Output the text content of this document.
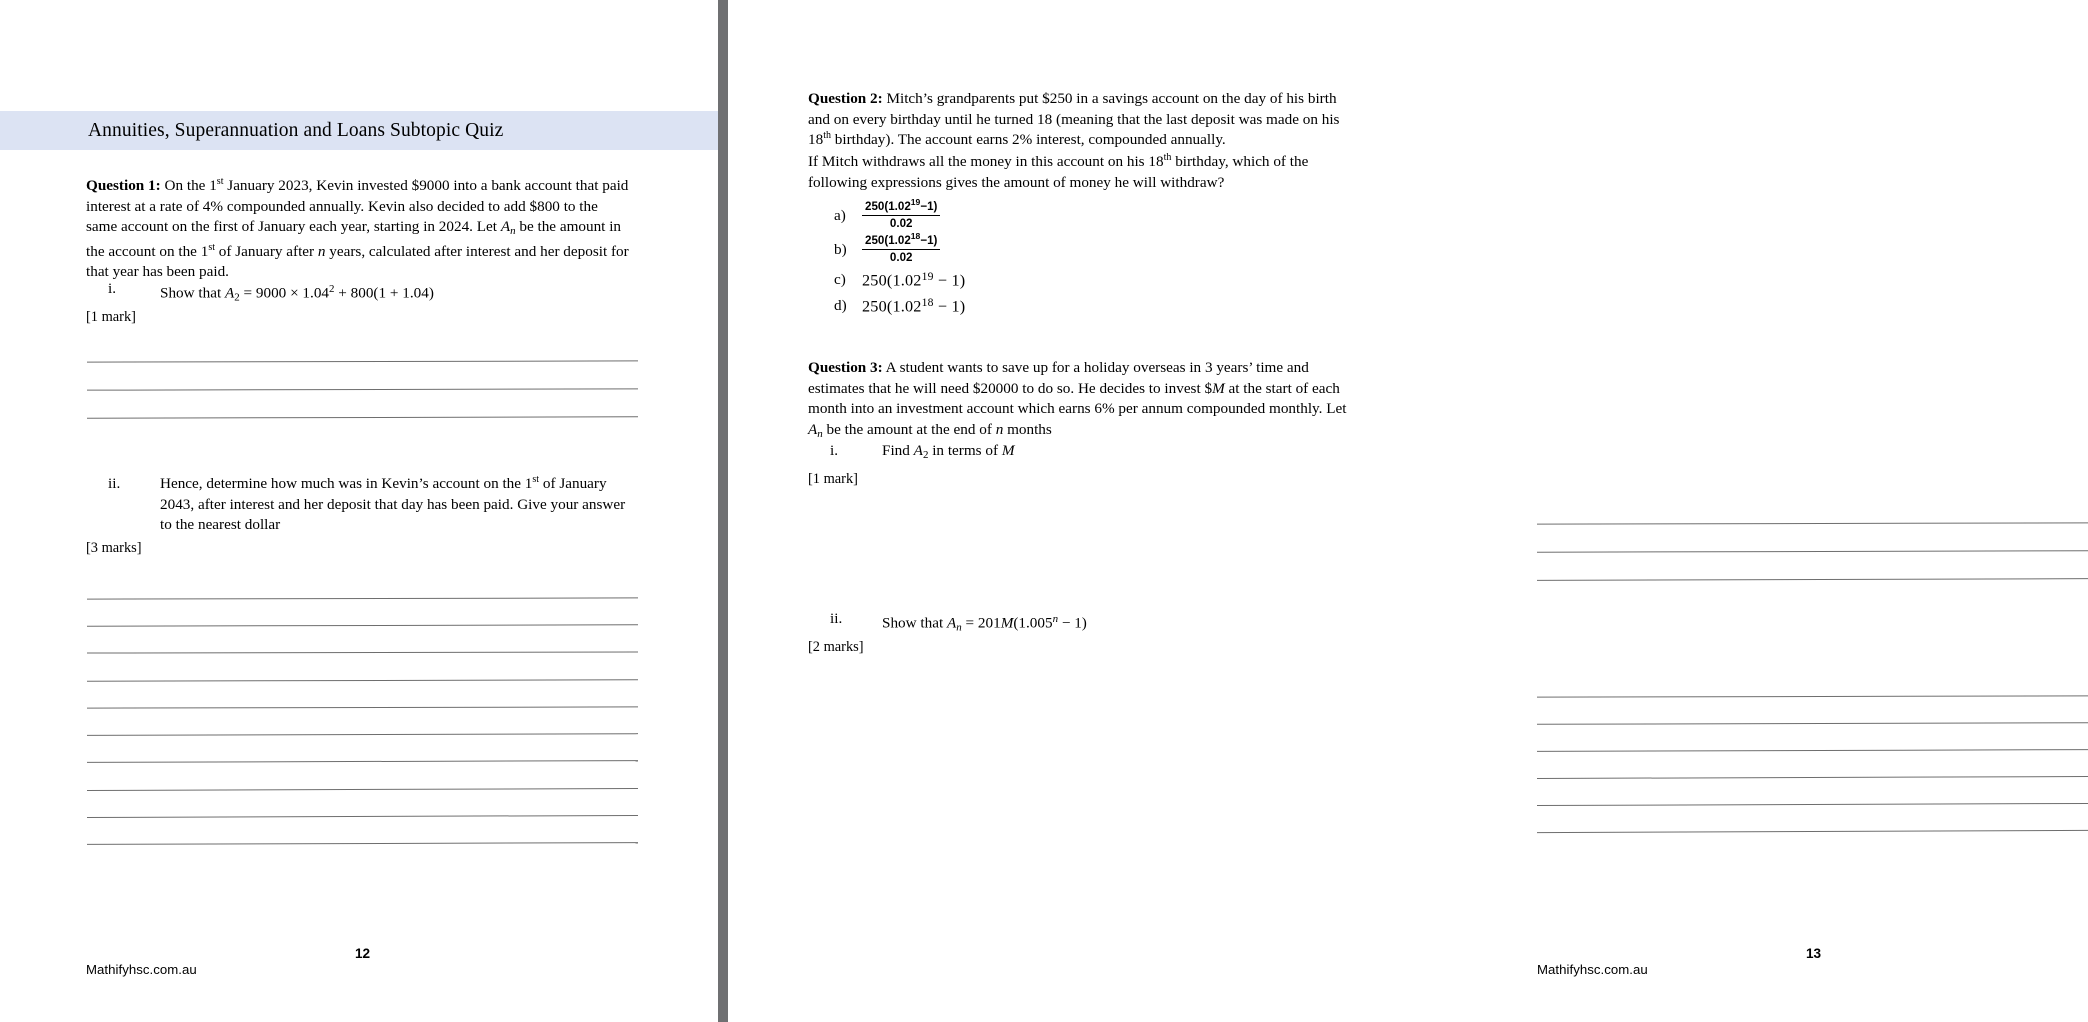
Annuities, Superannuation and Loans Subtopic Quiz
Question 1: On the 1st January 2023, Kevin invested $9000 into a bank account that paid interest at a rate of 4% compounded annually. Kevin also decided to add $800 to the same account on the first of January each year, starting in 2024. Let $A_n$ be the amount in the account on the 1st of January after n years, calculated after interest and her deposit for that year has been paid.
i.	Show that $A_2 = 9000 \times 1.04^2 + 800(1 + 1.04)$
[1 mark]
ii.	Hence, determine how much was in Kevin’s account on the 1st of January 2043, after interest and her deposit that day has been paid. Give your answer to the nearest dollar
[3 marks]
12
Mathifyhsc.com.au
Question 2: Mitch’s grandparents put $250 in a savings account on the day of his birth and on every birthday until he turned 18 (meaning that the last deposit was made on his 18th birthday). The account earns 2% interest, compounded annually.
If Mitch withdraws all the money in this account on his 18th birthday, which of the following expressions gives the amount of money he will withdraw?
a)	$\frac{250(1.02^{19}-1)}{0.02}$
b)	$\frac{250(1.02^{18}-1)}{0.02}$
c) $250(1.02^{19} - 1)$
d) $250(1.02^{18} - 1)$
Question 3: A student wants to save up for a holiday overseas in 3 years’ time and estimates that he will need $20000 to do so. He decides to invest $M at the start of each month into an investment account which earns 6% per annum compounded monthly. Let $A_n$ be the amount at the end of n months
i.	Find $A_2$ in terms of M
[1 mark]
ii.	Show that $A_n = 201M(1.005^n - 1)$
[2 marks]
13
Mathifyhsc.com.au
